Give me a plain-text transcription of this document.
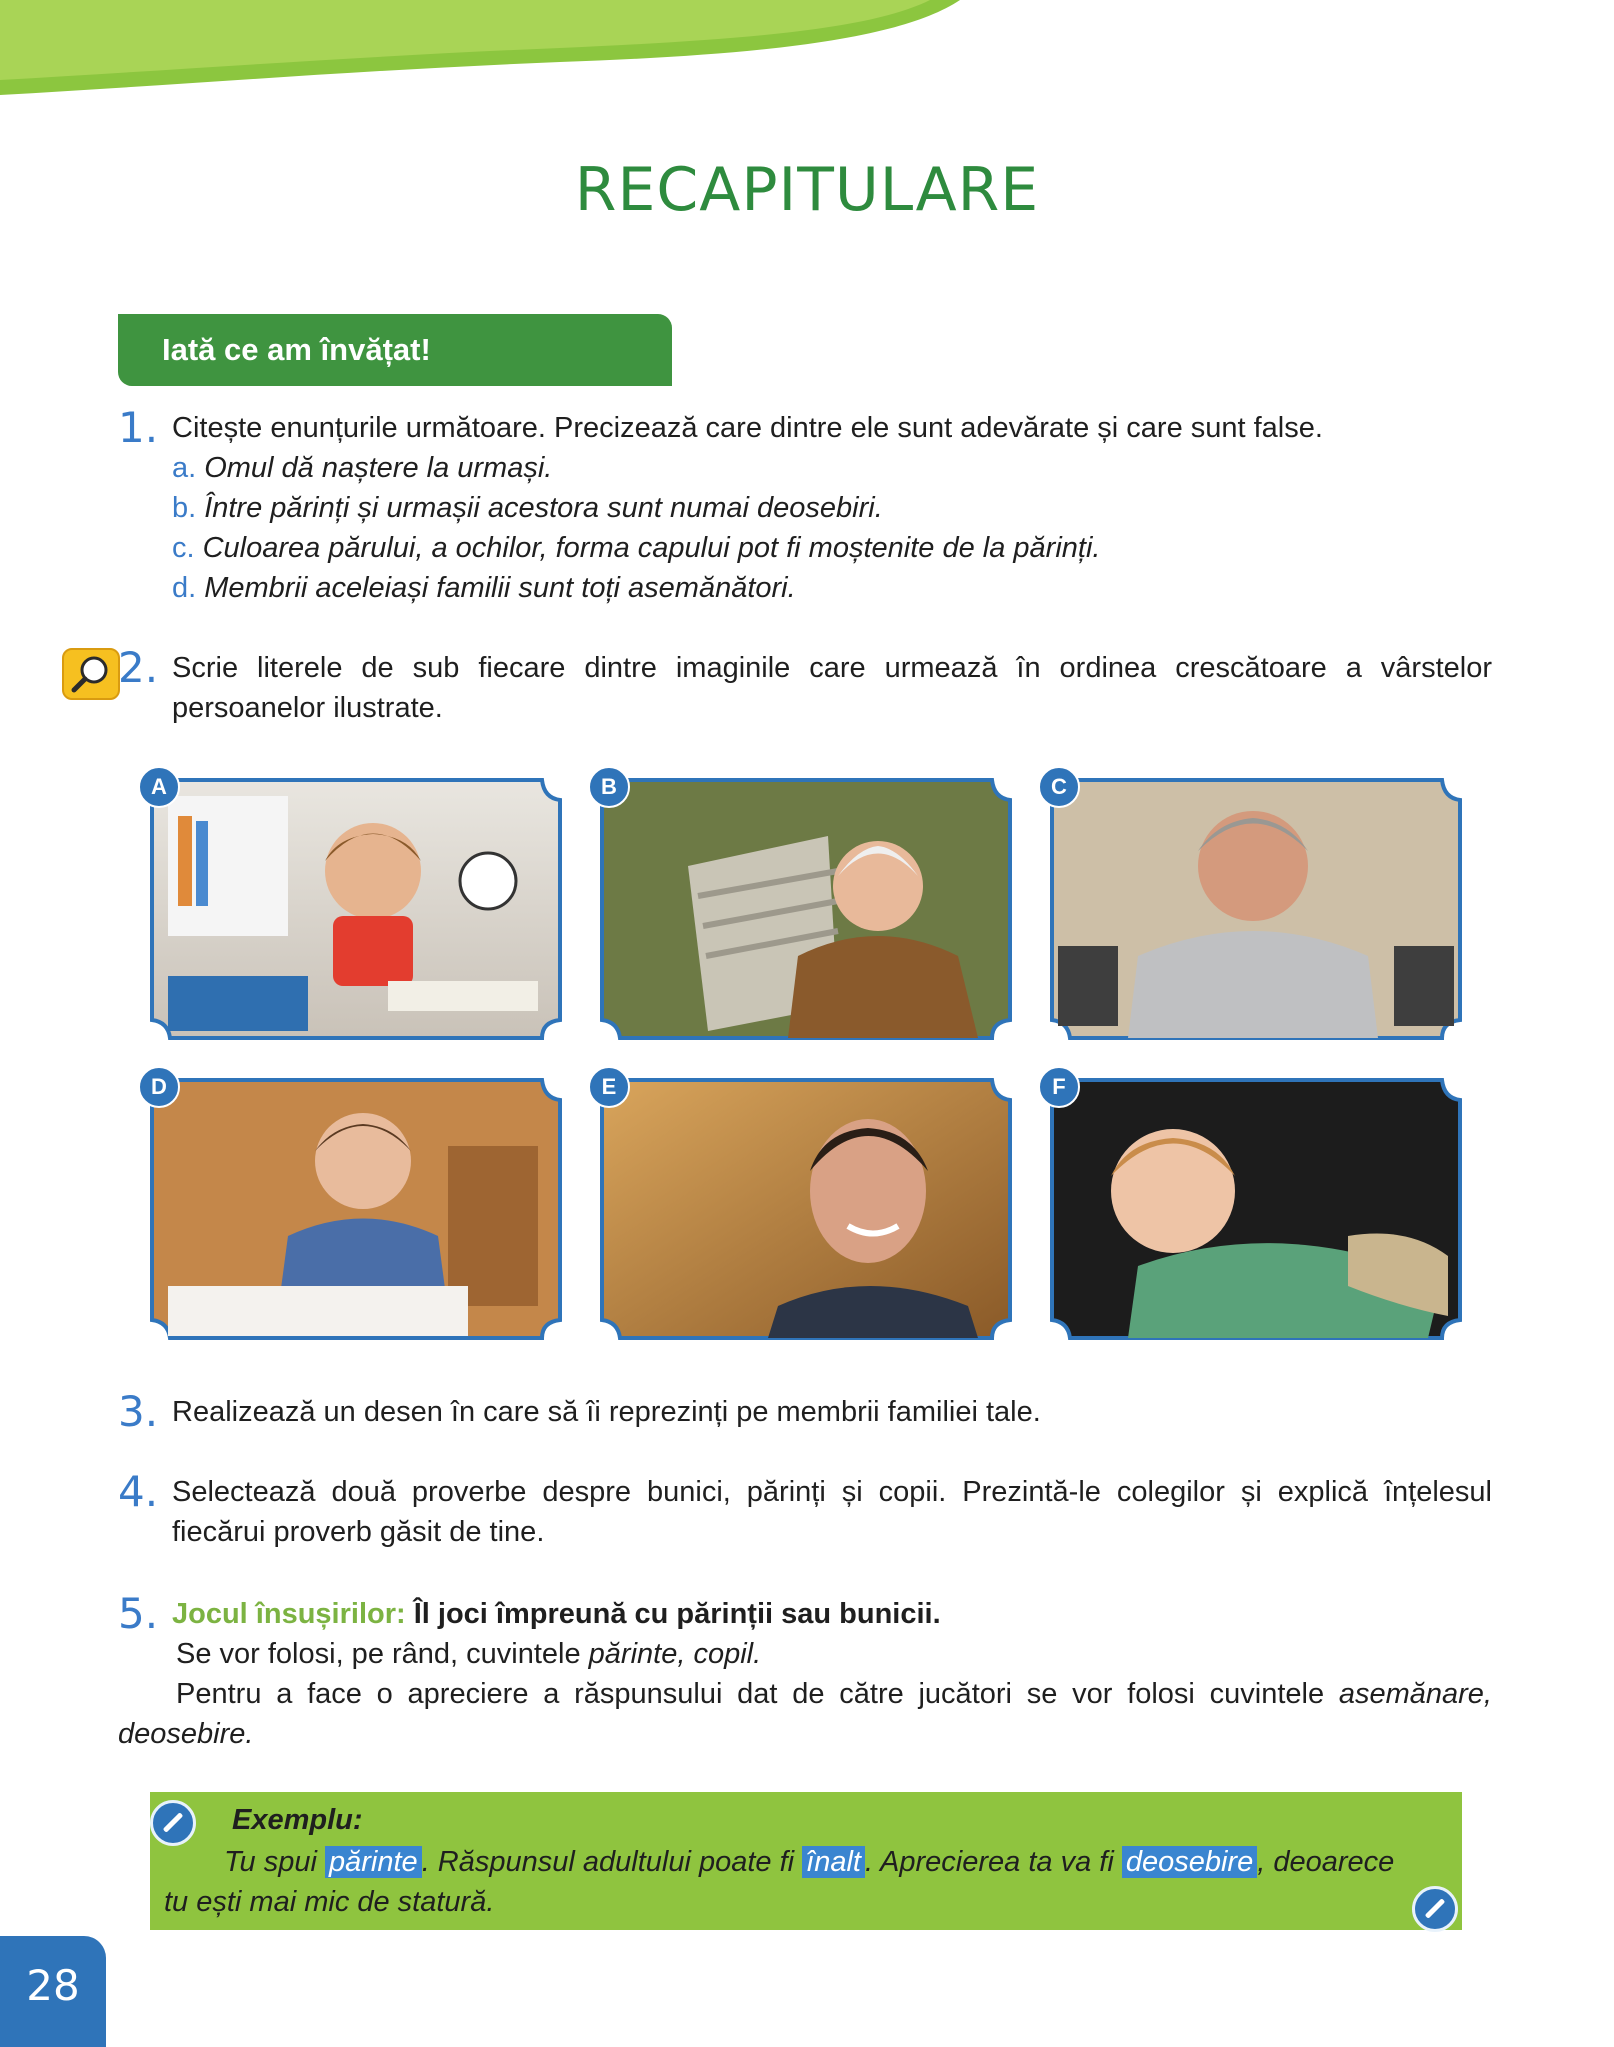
RECAPITULARE
Iată ce am învățat!
1. Citește enunțurile următoare. Precizează care dintre ele sunt adevărate și care sunt false.
a. Omul dă naștere la urmași.
b. Între părinți și urmașii acestora sunt numai deosebiri.
c. Culoarea părului, a ochilor, forma capului pot fi moștenite de la părinți.
d. Membrii aceleiași familii sunt toți asemănători.
2. Scrie literele de sub fiecare dintre imaginile care urmează în ordinea crescătoare a vârstelor
persoanelor ilustrate.
A	B	C
D	E	F
3. Realizează un desen în care să îi reprezinți pe membrii familiei tale.
4. Selectează două proverbe despre bunici, părinți și copii. Prezintă-le colegilor și explică înțelesul
fiecărui proverb găsit de tine.
5. Jocul însușirilor: Îl joci împreună cu părinții sau bunicii.
Se vor folosi, pe rând, cuvintele părinte, copil.
Pentru a face o apreciere a răspunsului dat de către jucători se vor folosi cuvintele asemănare,
deosebire.
Exemplu:
Tu spui părinte . Răspunsul adultului poate fi înalt . Aprecierea ta va fi deosebire , deoarece
tu ești mai mic de statură.
28
